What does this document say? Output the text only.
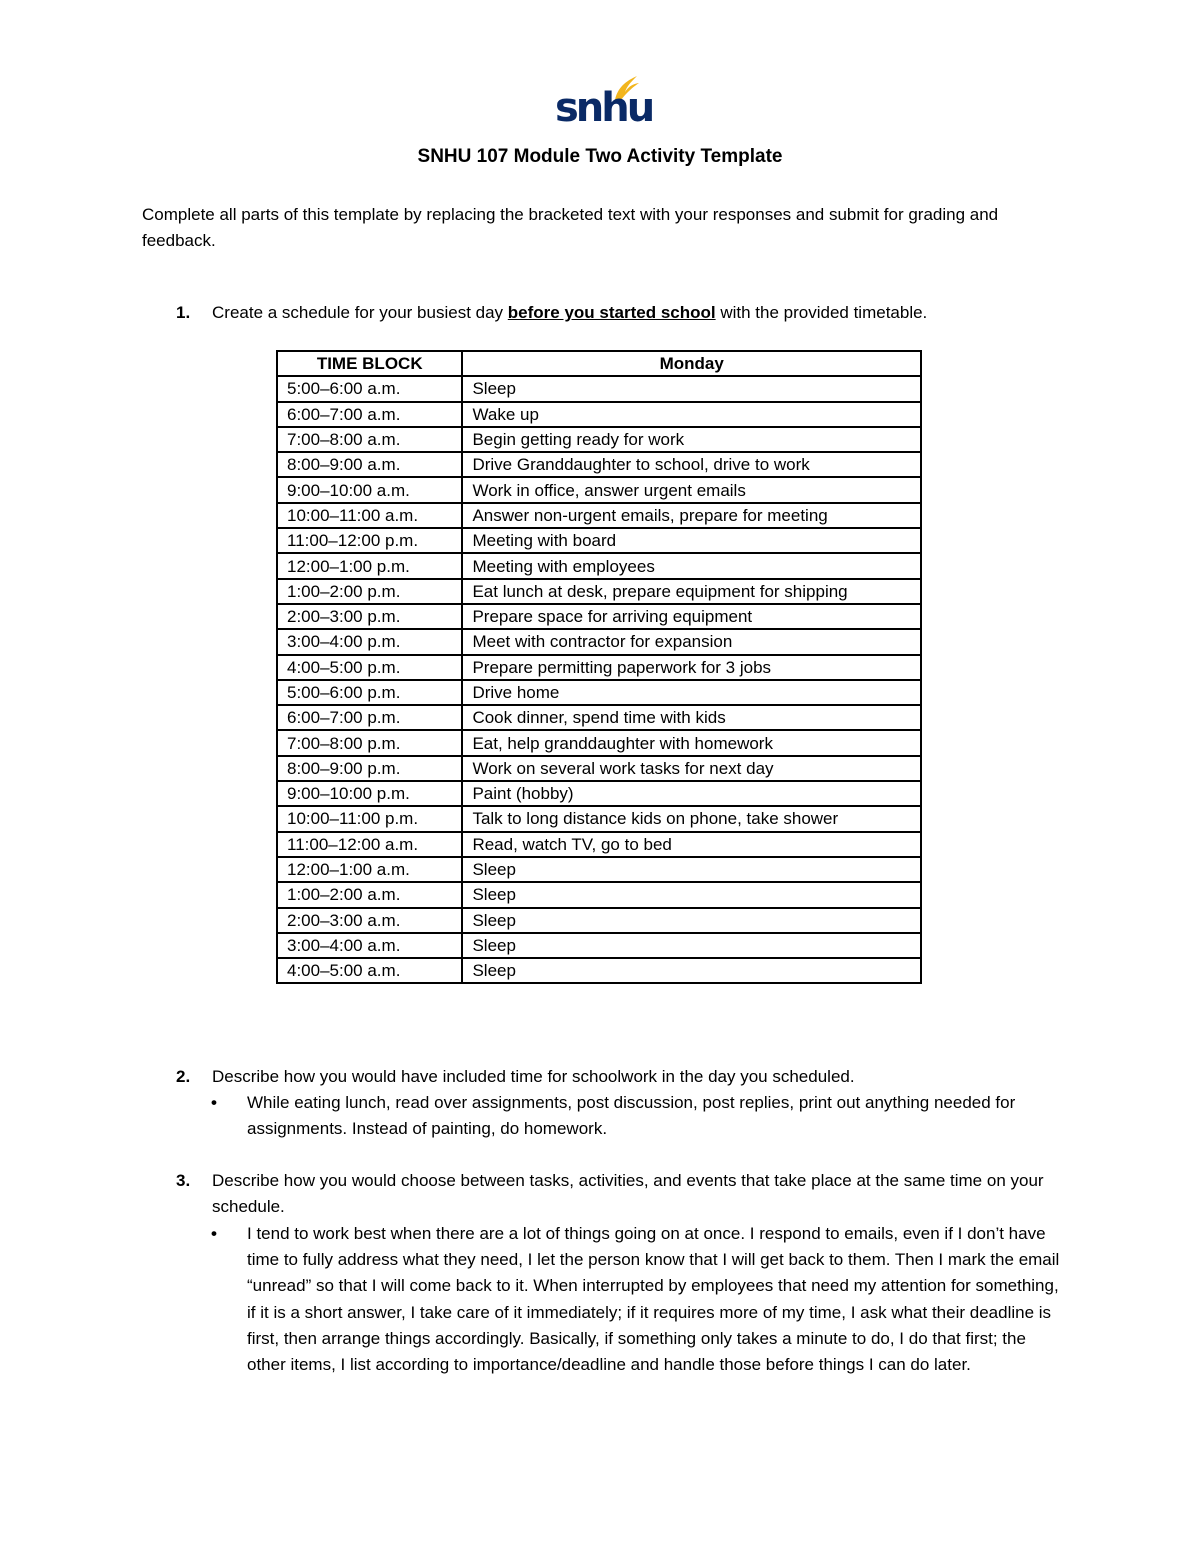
snhu
SNHU 107 Module Two Activity Template
Complete all parts of this template by replacing the bracketed text with your responses and submit for grading and feedback.
1. Create a schedule for your busiest day before you started school with the provided timetable.
TIME BLOCK	Monday
5:00–6:00 a.m.	Sleep
6:00–7:00 a.m.	Wake up
7:00–8:00 a.m.	Begin getting ready for work
8:00–9:00 a.m.	Drive Granddaughter to school, drive to work
9:00–10:00 a.m.	Work in office, answer urgent emails
10:00–11:00 a.m.	Answer non-urgent emails, prepare for meeting
11:00–12:00 p.m.	Meeting with board
12:00–1:00 p.m.	Meeting with employees
1:00–2:00 p.m.	Eat lunch at desk, prepare equipment for shipping
2:00–3:00 p.m.	Prepare space for arriving equipment
3:00–4:00 p.m.	Meet with contractor for expansion
4:00–5:00 p.m.	Prepare permitting paperwork for 3 jobs
5:00–6:00 p.m.	Drive home
6:00–7:00 p.m.	Cook dinner, spend time with kids
7:00–8:00 p.m.	Eat, help granddaughter with homework
8:00–9:00 p.m.	Work on several work tasks for next day
9:00–10:00 p.m.	Paint (hobby)
10:00–11:00 p.m.	Talk to long distance kids on phone, take shower
11:00–12:00 a.m.	Read, watch TV, go to bed
12:00–1:00 a.m.	Sleep
1:00–2:00 a.m.	Sleep
2:00–3:00 a.m.	Sleep
3:00–4:00 a.m.	Sleep
4:00–5:00 a.m.	Sleep
2. Describe how you would have included time for schoolwork in the day you scheduled.
• While eating lunch, read over assignments, post discussion, post replies, print out anything needed for assignments. Instead of painting, do homework.
3. Describe how you would choose between tasks, activities, and events that take place at the same time on your schedule.
• I tend to work best when there are a lot of things going on at once. I respond to emails, even if I don’t have time to fully address what they need, I let the person know that I will get back to them. Then I mark the email “unread” so that I will come back to it. When interrupted by employees that need my attention for something, if it is a short answer, I take care of it immediately; if it requires more of my time, I ask what their deadline is first, then arrange things accordingly. Basically, if something only takes a minute to do, I do that first; the other items, I list according to importance/deadline and handle those before things I can do later.
